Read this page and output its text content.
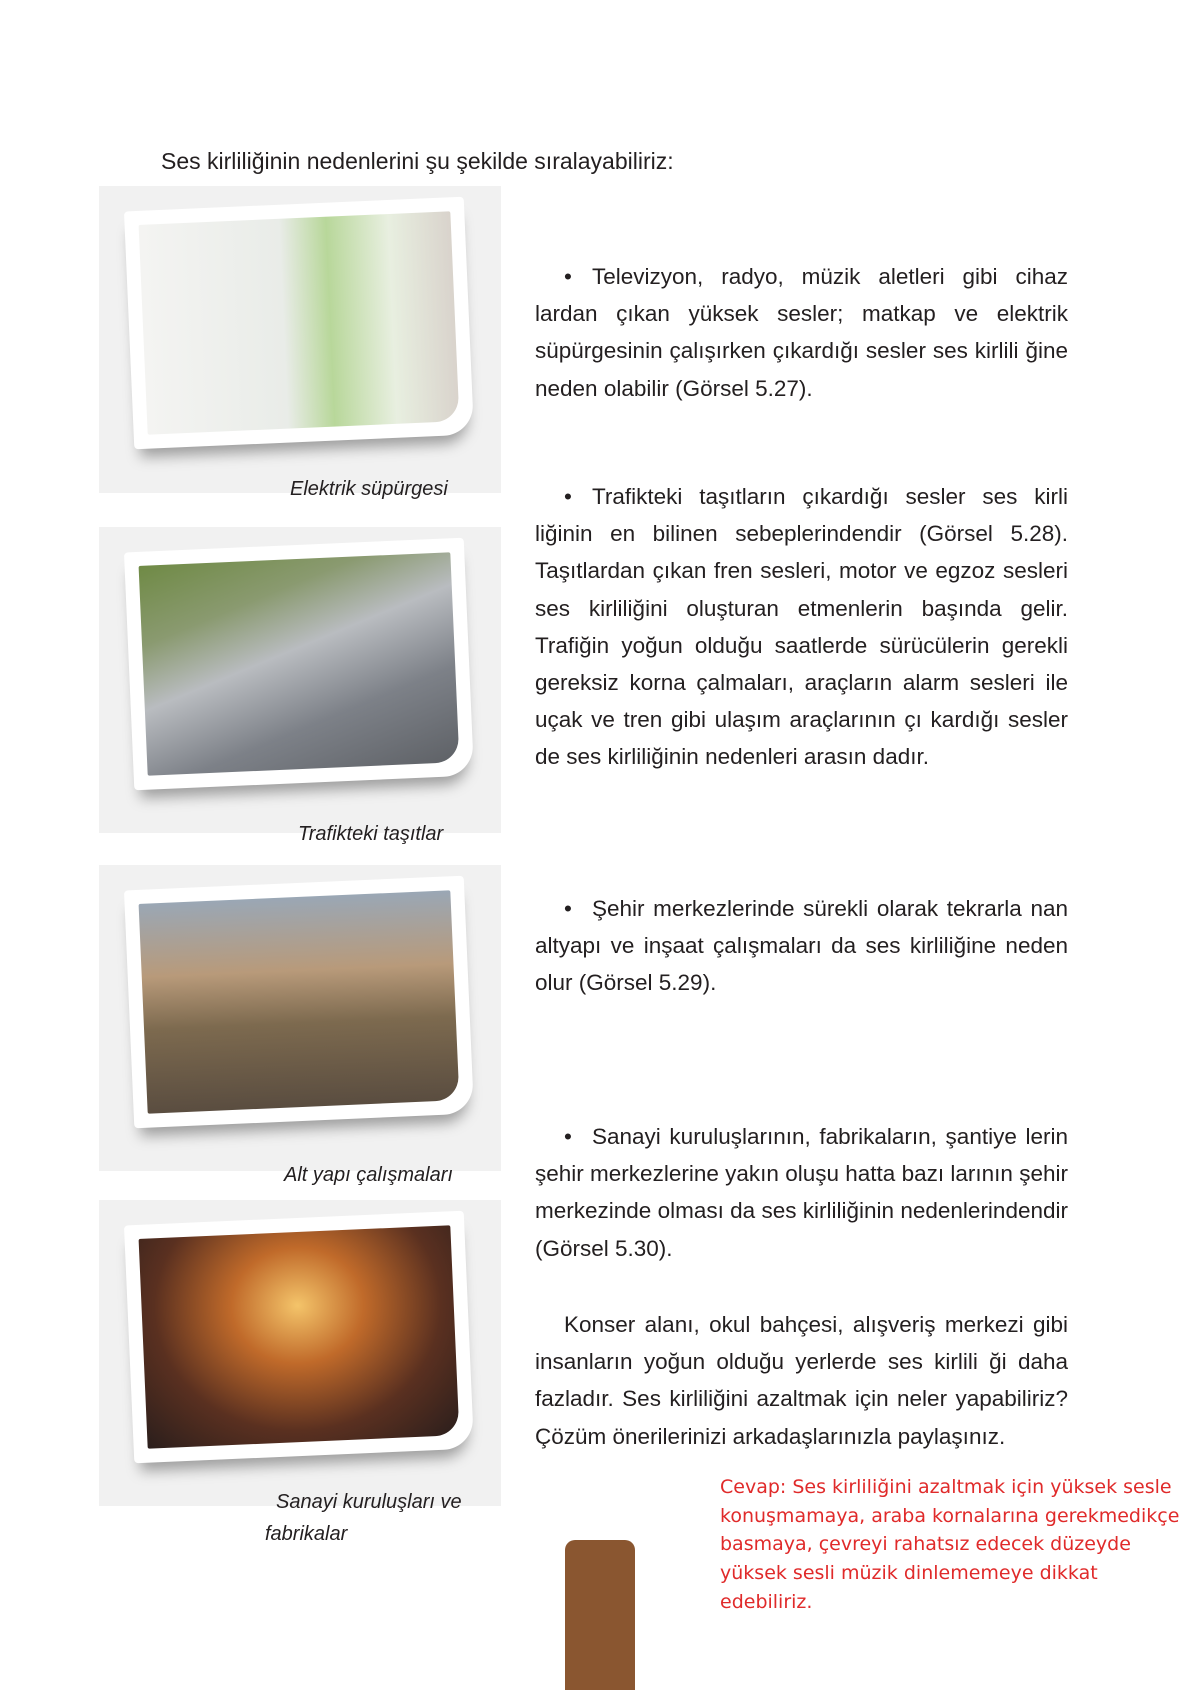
Ses kirliliğinin nedenlerini şu şekilde sıralayabiliriz:
Elektrik süpürgesi
Trafikteki taşıtlar
Alt yapı çalışmaları
Sanayi kuruluşları ve
fabrikalar
• Televizyon, radyo, müzik aletleri gibi cihaz lardan çıkan yüksek sesler; matkap ve elektrik süpürgesinin çalışırken çıkardığı sesler ses kirlili ğine neden olabilir (Görsel 5.27).
• Trafikteki taşıtların çıkardığı sesler ses kirli liğinin en bilinen sebeplerindendir (Görsel 5.28). Taşıtlardan çıkan fren sesleri, motor ve egzoz sesleri ses kirliliğini oluşturan etmenlerin başında gelir. Trafiğin yoğun olduğu saatlerde sürücülerin gerekli gereksiz korna çalmaları, araçların alarm sesleri ile uçak ve tren gibi ulaşım araçlarının çı kardığı sesler de ses kirliliğinin nedenleri arasın dadır.
• Şehir merkezlerinde sürekli olarak tekrarla nan altyapı ve inşaat çalışmaları da ses kirliliğine neden olur (Görsel 5.29).
• Sanayi kuruluşlarının, fabrikaların, şantiye lerin şehir merkezlerine yakın oluşu hatta bazı larının şehir merkezinde olması da ses kirliliğinin nedenlerindendir (Görsel 5.30).
Konser alanı, okul bahçesi, alışveriş merkezi gibi insanların yoğun olduğu yerlerde ses kirlili ği daha fazladır. Ses kirliliğini azaltmak için neler yapabiliriz? Çözüm önerilerinizi arkadaşlarınızla paylaşınız.
Cevap: Ses kirliliğini azaltmak için yüksek sesle konuşmamaya, araba kornalarına gerekmedikçe basmaya, çevreyi rahatsız edecek düzeyde yüksek sesli müzik dinlememeye dikkat edebiliriz.
